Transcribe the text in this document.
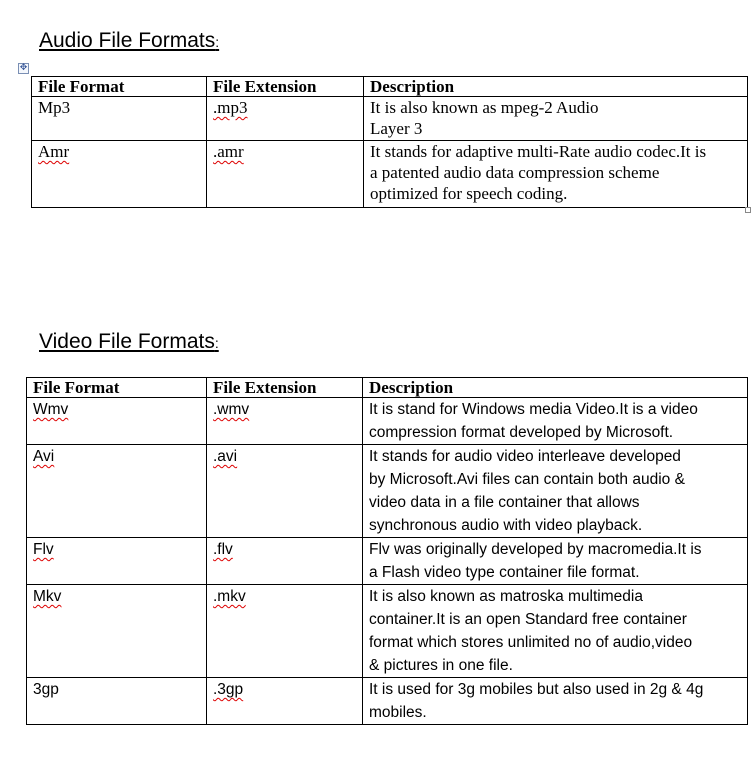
Audio File Formats:
✥
File Format	File Extension	Description
Mp3	.mp3	It is also known as mpeg-2 Audio
Layer 3

Amr	.amr	It stands for adaptive multi-Rate audio codec.It is
a patented audio data compression scheme
optimized for speech coding.
Video File Formats:
File Format	File Extension	Description
Wmv	.wmv	It is stand for Windows media Video.It is a video
compression format developed by Microsoft.

Avi	.avi	It stands for audio video interleave developed
by Microsoft.Avi files can contain both audio &
video data in a file container that allows
synchronous audio with video playback.

Flv	.flv	Flv was originally developed by macromedia.It is
a Flash video type container file format.

Mkv	.mkv	It is also known as matroska multimedia
container.It is an open Standard free container
format which stores unlimited no of audio,video
& pictures in one file.

3gp	.3gp	It is used for 3g mobiles but also used in 2g & 4g
mobiles.
